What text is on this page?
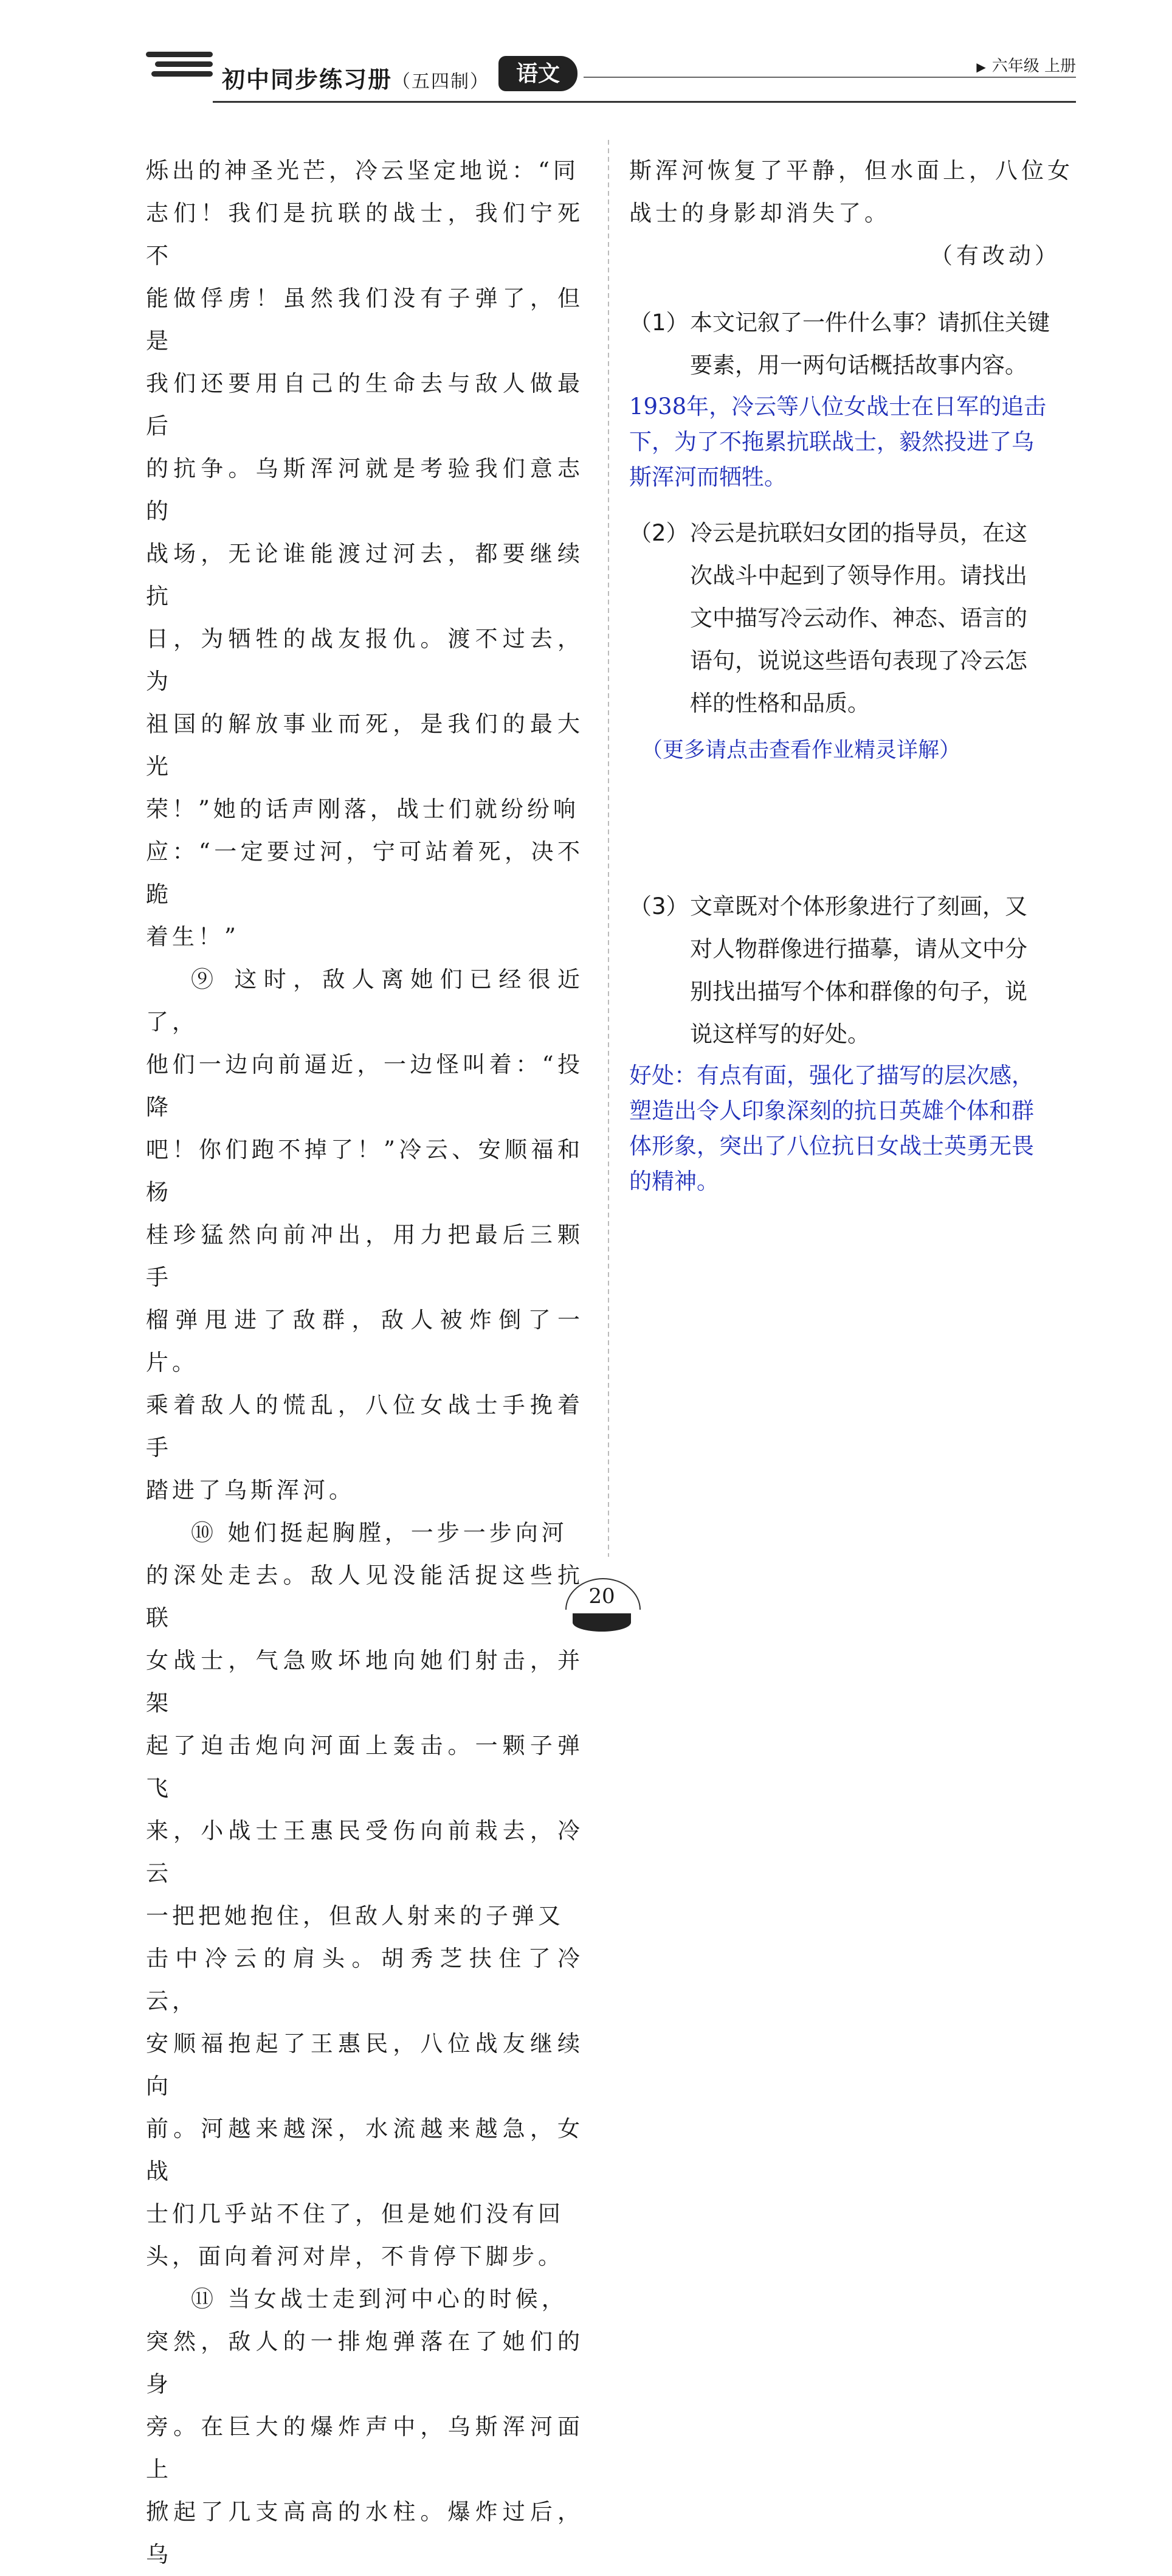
初中同步练习册（五四制）	语文	▶ 六年级 上册

烁出的神圣光芒，冷云坚定地说：“同

志们！我们是抗联的战士，我们宁死不

能做俘虏！虽然我们没有子弹了，但是

我们还要用自己的生命去与敌人做最后

的抗争。乌斯浑河就是考验我们意志的

战场，无论谁能渡过河去，都要继续抗

日，为牺牲的战友报仇。渡不过去，为

祖国的解放事业而死，是我们的最大光

荣！”她的话声刚落，战士们就纷纷响

应：“一定要过河，宁可站着死，决不跪

着生！”

⑨ 这时，敌人离她们已经很近了，

他们一边向前逼近，一边怪叫着：“投降

吧！你们跑不掉了！”冷云、安顺福和杨

桂珍猛然向前冲出，用力把最后三颗手

榴弹甩进了敌群，敌人被炸倒了一片。

乘着敌人的慌乱，八位女战士手挽着手

踏进了乌斯浑河。

⑩ 她们挺起胸膛，一步一步向河

的深处走去。敌人见没能活捉这些抗联

女战士，气急败坏地向她们射击，并架

起了迫击炮向河面上轰击。一颗子弹飞

来，小战士王惠民受伤向前栽去，冷云

一把把她抱住，但敌人射来的子弹又

击中冷云的肩头。胡秀芝扶住了冷云，

安顺福抱起了王惠民，八位战友继续向

前。河越来越深，水流越来越急，女战

士们几乎站不住了，但是她们没有回

头，面向着河对岸，不肯停下脚步。

⑪ 当女战士走到河中心的时候，

突然，敌人的一排炮弹落在了她们的身

旁。在巨大的爆炸声中，乌斯浑河面上

掀起了几支高高的水柱。爆炸过后，乌

斯浑河恢复了平静，但水面上，八位女

战士的身影却消失了。

（有改动）

（1）本文记叙了一件什么事？请抓住关键

要素，用一两句话概括故事内容。

1938年，冷云等八位女战士在日军的追击

下，为了不拖累抗联战士，毅然投进了乌

斯浑河而牺牲。

（2）冷云是抗联妇女团的指导员，在这

次战斗中起到了领导作用。请找出

文中描写冷云动作、神态、语言的

语句，说说这些语句表现了冷云怎

样的性格和品质。

（更多请点击查看作业精灵详解）

（3）文章既对个体形象进行了刻画，又

对人物群像进行描摹，请从文中分

别找出描写个体和群像的句子，说

说这样写的好处。

好处：有点有面，强化了描写的层次感，

塑造出令人印象深刻的抗日英雄个体和群

体形象，突出了八位抗日女战士英勇无畏

的精神。

20
